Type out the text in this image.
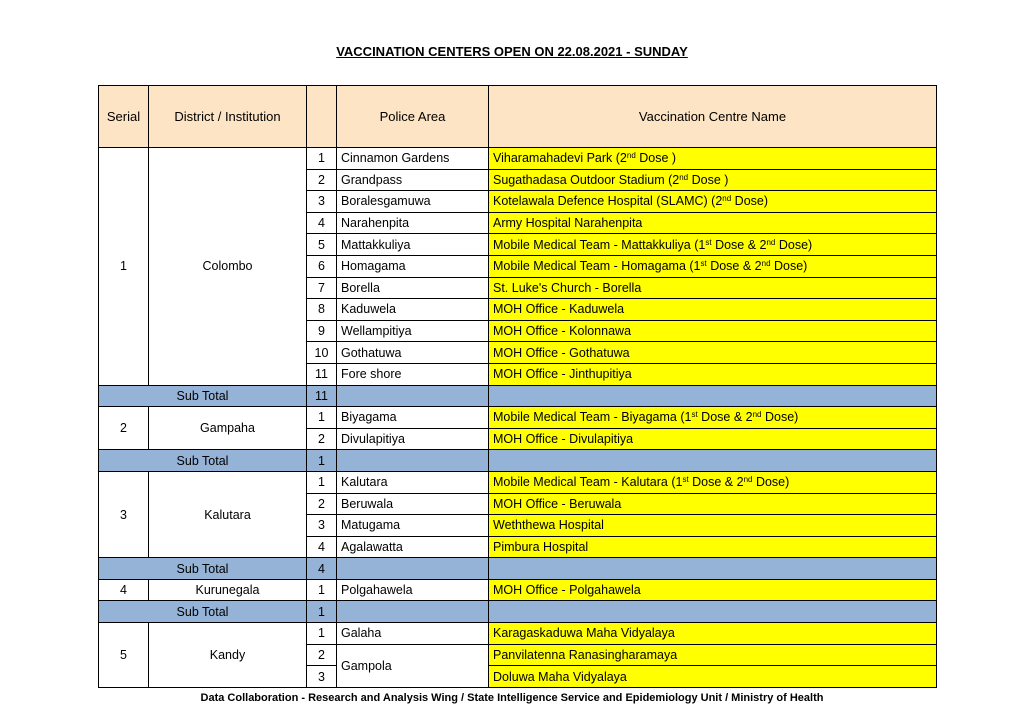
VACCINATION CENTERS OPEN ON 22.08.2021 - SUNDAY
Serial	District / Institution		Police Area	Vaccination Centre Name
1	Colombo	1	Cinnamon Gardens	Viharamahadevi Park (2nd Dose )
		2	Grandpass	Sugathadasa Outdoor Stadium (2nd Dose )
		3	Boralesgamuwa	Kotelawala Defence Hospital (SLAMC) (2nd Dose)
		4	Narahenpita	Army Hospital Narahenpita
		5	Mattakkuliya	Mobile Medical Team - Mattakkuliya (1st Dose & 2nd Dose)
		6	Homagama	Mobile Medical Team - Homagama (1st Dose & 2nd Dose)
		7	Borella	St. Luke's Church - Borella
		8	Kaduwela	MOH Office - Kaduwela
		9	Wellampitiya	MOH Office - Kolonnawa
		10	Gothatuwa	MOH Office - Gothatuwa
		11	Fore shore	MOH Office - Jinthupitiya
Sub Total		11		
2	Gampaha	1	Biyagama	Mobile Medical Team - Biyagama (1st Dose & 2nd Dose)
		2	Divulapitiya	MOH Office - Divulapitiya
Sub Total		1		
3	Kalutara	1	Kalutara	Mobile Medical Team - Kalutara (1st Dose & 2nd Dose)
		2	Beruwala	MOH Office - Beruwala
		3	Matugama	Weththewa Hospital
		4	Agalawatta	Pimbura Hospital
Sub Total		4		
4	Kurunegala	1	Polgahawela	MOH Office - Polgahawela
Sub Total		1		
5	Kandy	1	Galaha	Karagaskaduwa Maha Vidyalaya
		2	Gampola	Panvilatenna Ranasingharamaya
		3		Doluwa Maha Vidyalaya
Data Collaboration - Research and Analysis Wing / State Intelligence Service and Epidemiology Unit / Ministry of Health
